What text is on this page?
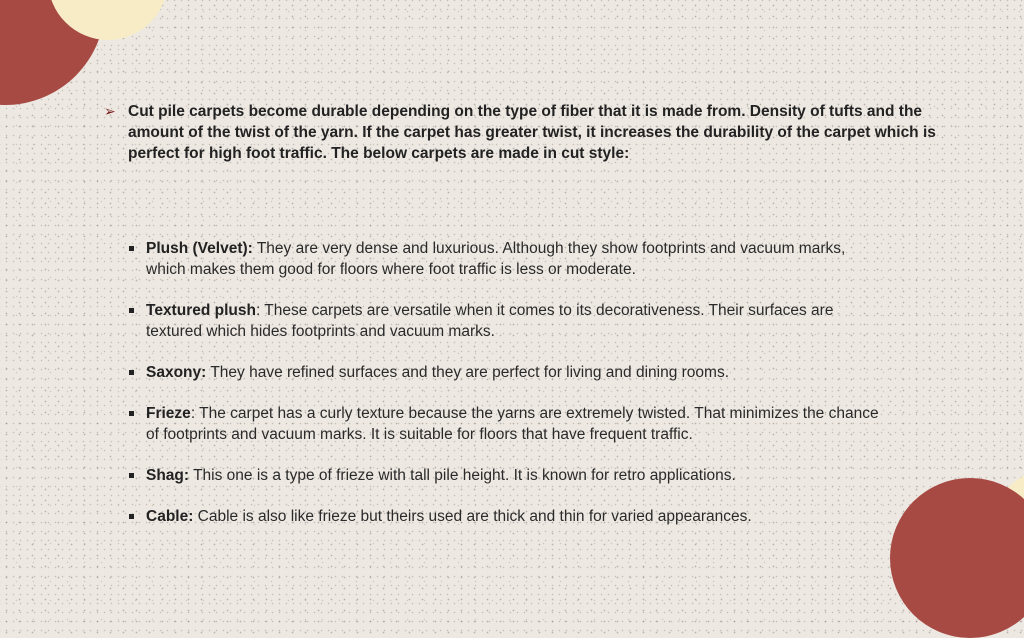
➢ Cut pile carpets become durable depending on the type of fiber that it is made from. Density of tufts and the amount of the twist of the yarn. If the carpet has greater twist, it increases the durability of the carpet which is perfect for high foot traffic. The below carpets are made in cut style:
Plush (Velvet): They are very dense and luxurious. Although they show footprints and vacuum marks, which makes them good for floors where foot traffic is less or moderate.
Textured plush: These carpets are versatile when it comes to its decorativeness. Their surfaces are textured which hides footprints and vacuum marks.
Saxony: They have refined surfaces and they are perfect for living and dining rooms.
Frieze: The carpet has a curly texture because the yarns are extremely twisted. That minimizes the chance of footprints and vacuum marks. It is suitable for floors that have frequent traffic.
Shag: This one is a type of frieze with tall pile height. It is known for retro applications.
Cable: Cable is also like frieze but theirs used are thick and thin for varied appearances.
